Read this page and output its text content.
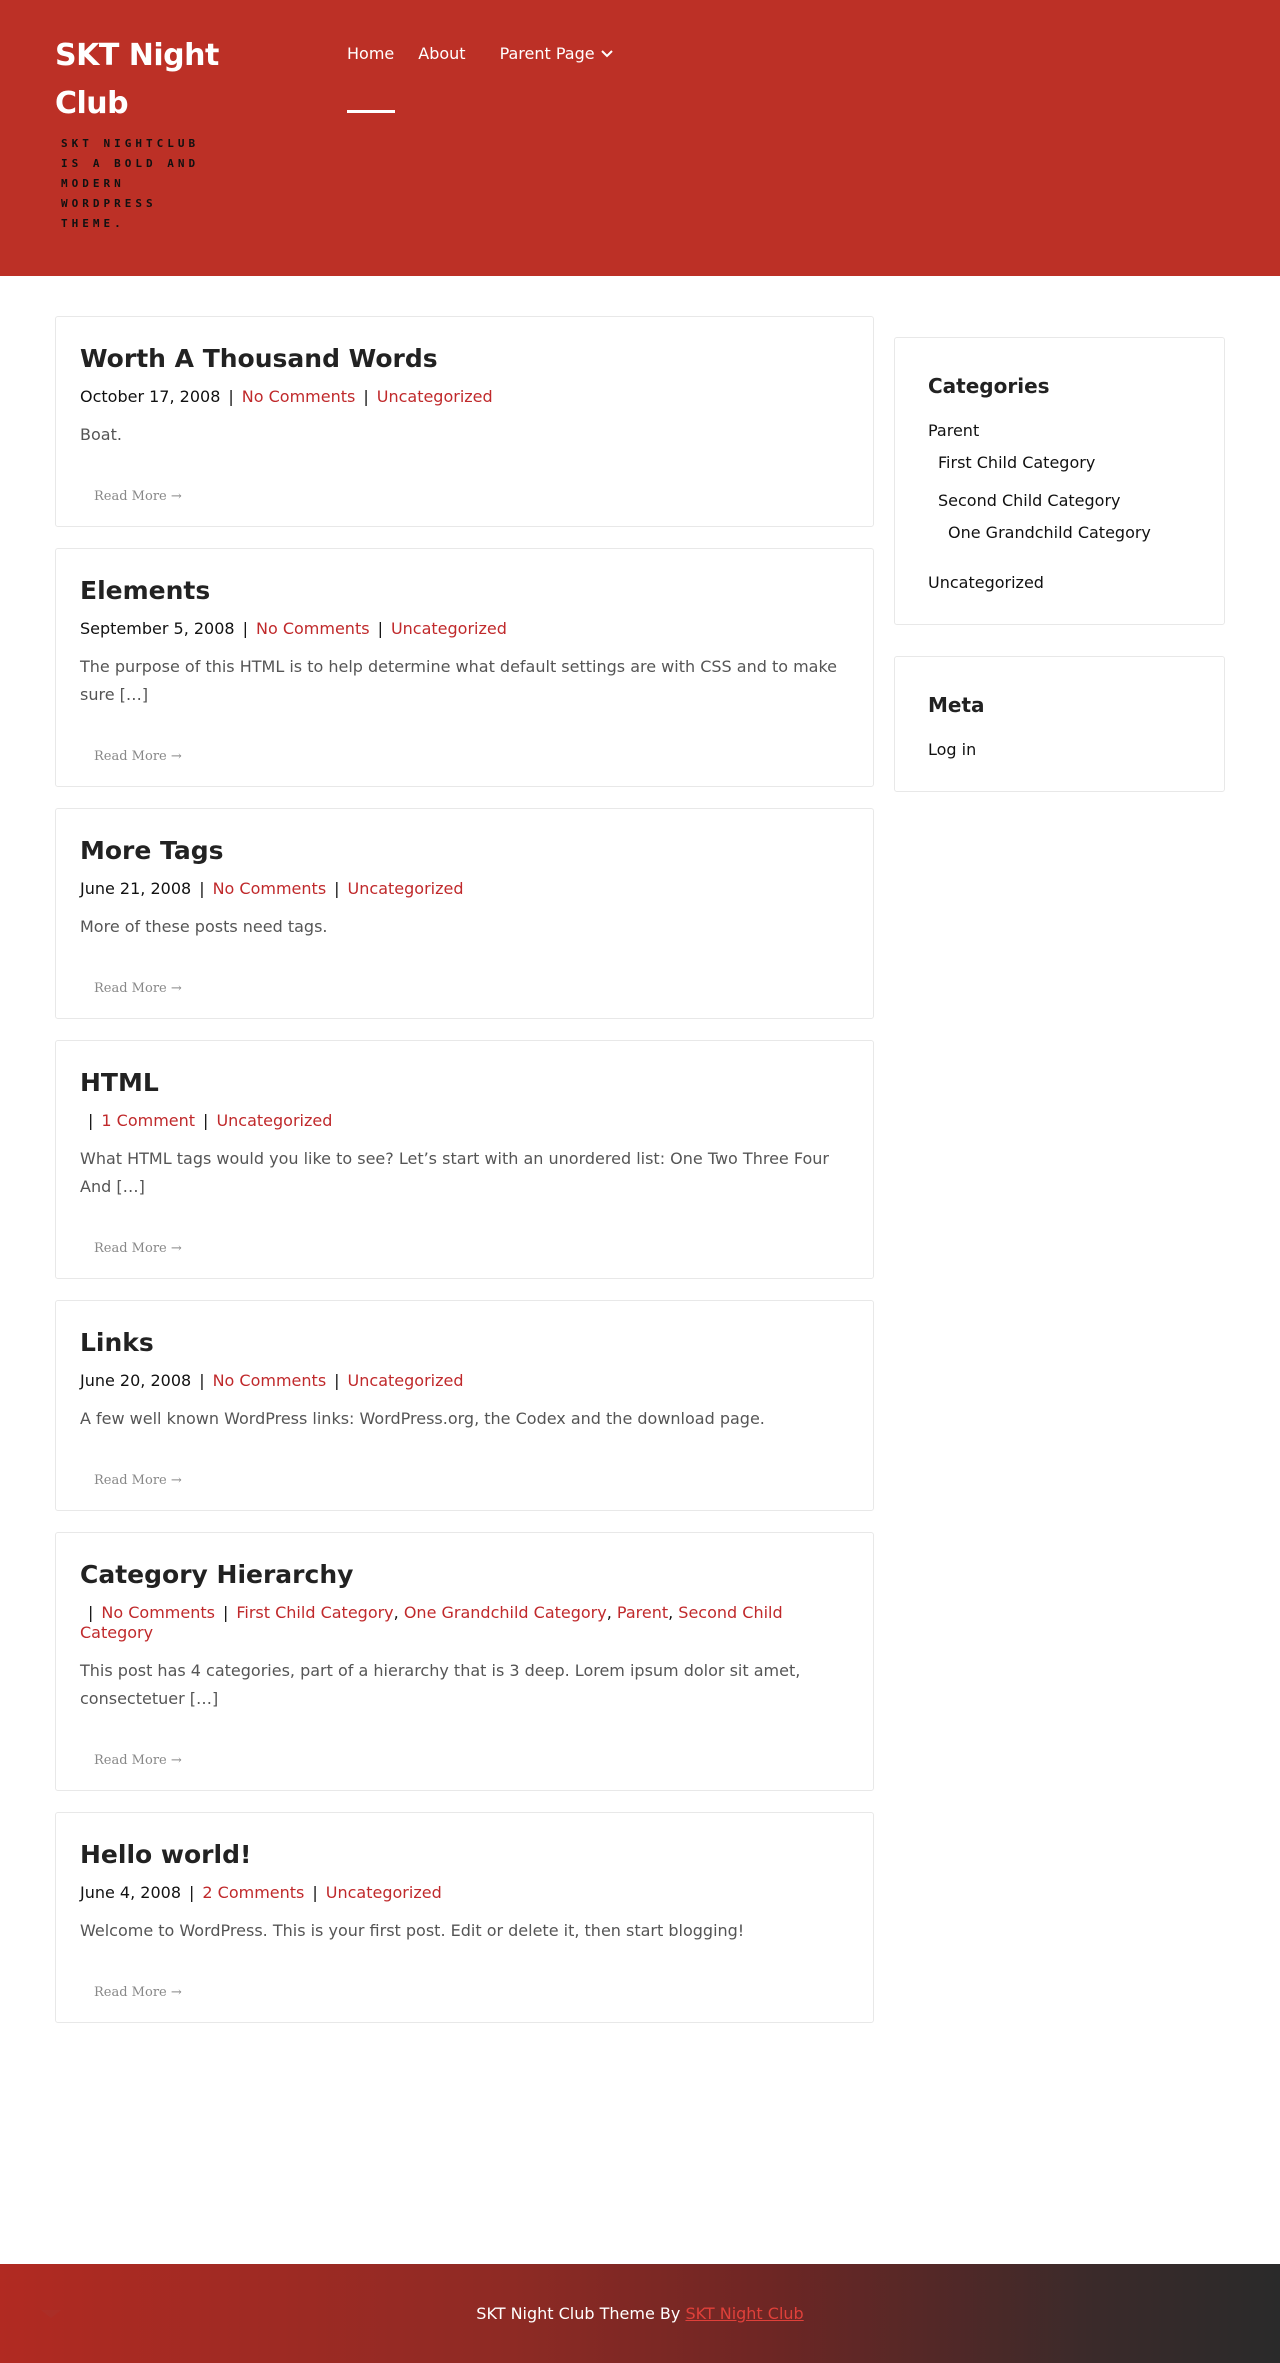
SKT Night Club
SKT NIGHTCLUB IS A BOLD AND MODERN WORDPRESS THEME.
Home About Parent Page
Worth A Thousand Words
October 17, 2008 | No Comments | Uncategorized

Boat.

Read More →
Elements
September 5, 2008 | No Comments | Uncategorized

The purpose of this HTML is to help determine what default settings are with CSS and to make sure […]

Read More →
More Tags
June 21, 2008 | No Comments | Uncategorized

More of these posts need tags.

Read More →
HTML
| 1 Comment | Uncategorized

What HTML tags would you like to see? Let’s start with an unordered list: One Two Three Four And […]

Read More →
Links
June 20, 2008 | No Comments | Uncategorized

A few well known WordPress links: WordPress.org, the Codex and the download page.

Read More →
Category Hierarchy
| No Comments | First Child Category, One Grandchild Category, Parent, Second Child Category

This post has 4 categories, part of a hierarchy that is 3 deep. Lorem ipsum dolor sit amet, consectetuer […]

Read More →
Hello world!
June 4, 2008 | 2 Comments | Uncategorized

Welcome to WordPress. This is your first post. Edit or delete it, then start blogging!

Read More →
Categories
Parent
First Child Category
Second Child Category
One Grandchild Category
Uncategorized
Meta
Log in
SKT Night Club Theme By SKT Night Club
